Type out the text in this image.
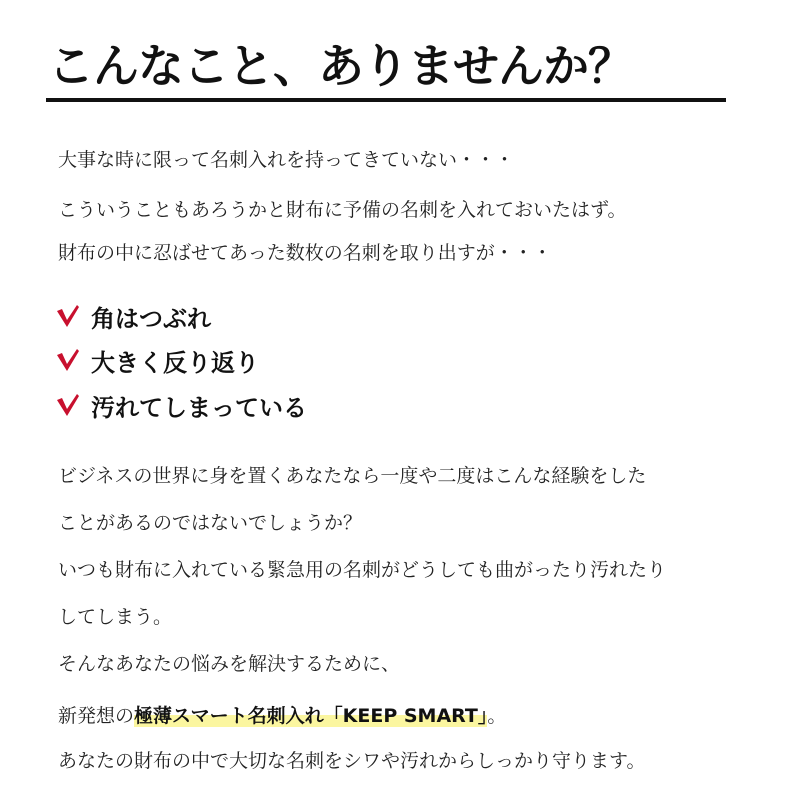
こんなこと、ありませんか？
大事な時に限って名刺入れを持ってきていない・・・
こういうこともあろうかと財布に予備の名刺を入れておいたはず。
財布の中に忍ばせてあった数枚の名刺を取り出すが・・・
角はつぶれ
大きく反り返り
汚れてしまっている
ビジネスの世界に身を置くあなたなら一度や二度はこんな経験をした
ことがあるのではないでしょうか？
いつも財布に入れている緊急用の名刺がどうしても曲がったり汚れたり
してしまう。
そんなあなたの悩みを解決するために、
新発想の極薄スマート名刺入れ「KEEP SMART」。
あなたの財布の中で大切な名刺をシワや汚れからしっかり守ります。
